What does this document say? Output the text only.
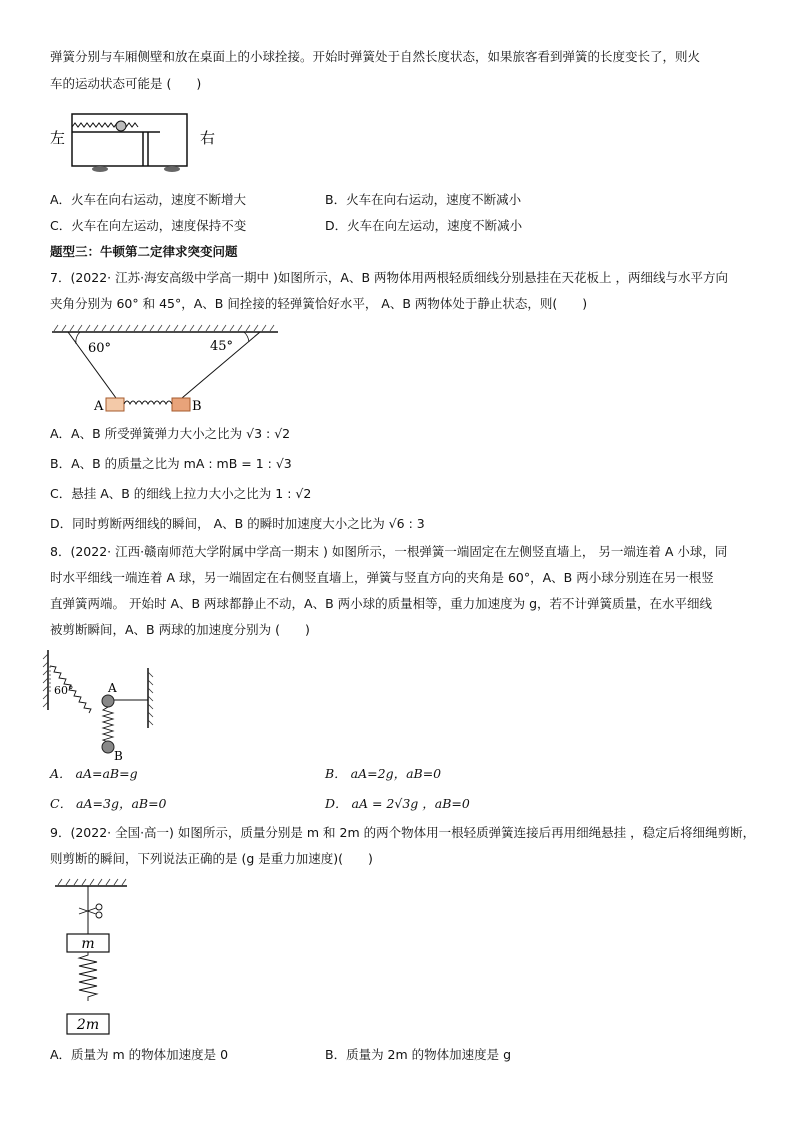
弹簧分别与车厢侧壁和放在桌面上的小球拴接。开始时弹簧处于自然长度状态，如果旅客看到弹簧的长度变长了，则火
车的运动状态可能是 (　　)
左	右
A．火车在向右运动，速度不断增大	B．火车在向右运动，速度不断减小
C．火车在向左运动，速度保持不变	D．火车在向左运动，速度不断减小
题型三：牛顿第二定律求突变问题
7．(2022· 江苏·海安高级中学高一期中 )如图所示，A、B 两物体用两根轻质细线分别悬挂在天花板上 ，两细线与水平方向
夹角分别为 60° 和 45°，A、B 间拴接的轻弹簧恰好水平， A、B 两物体处于静止状态，则(　　)
60°	45°
A	B
A．A、B 所受弹簧弹力大小之比为 √3 : √2
B．A、B 的质量之比为 mA : mB = 1 : √3
C．悬挂 A、B 的细线上拉力大小之比为 1 : √2
D．同时剪断两细线的瞬间， A、B 的瞬时加速度大小之比为 √6 : 3
8．(2022· 江西·赣南师范大学附属中学高一期末 ) 如图所示，一根弹簧一端固定在左侧竖直墙上， 另一端连着 A 小球，同
时水平细线一端连着 A 球，另一端固定在右侧竖直墙上，弹簧与竖直方向的夹角是 60°，A、B 两小球分别连在另一根竖
直弹簧两端。 开始时 A、B 两球都静止不动，A、B 两小球的质量相等，重力加速度为 g，若不计弹簧质量，在水平细线
被剪断瞬间，A、B 两球的加速度分别为 (　　)
60°	A
B
A． aA=aB=g	B． aA=2g，aB=0
C． aA=3g，aB=0	D． aA = 2√3g ，aB=0
9．(2022· 全国·高一) 如图所示，质量分别是 m 和 2m 的两个物体用一根轻质弹簧连接后再用细绳悬挂 ，稳定后将细绳剪断，
则剪断的瞬间，下列说法正确的是 (g 是重力加速度)(　　)
m
2m
A．质量为 m 的物体加速度是 0	B．质量为 2m 的物体加速度是 g
